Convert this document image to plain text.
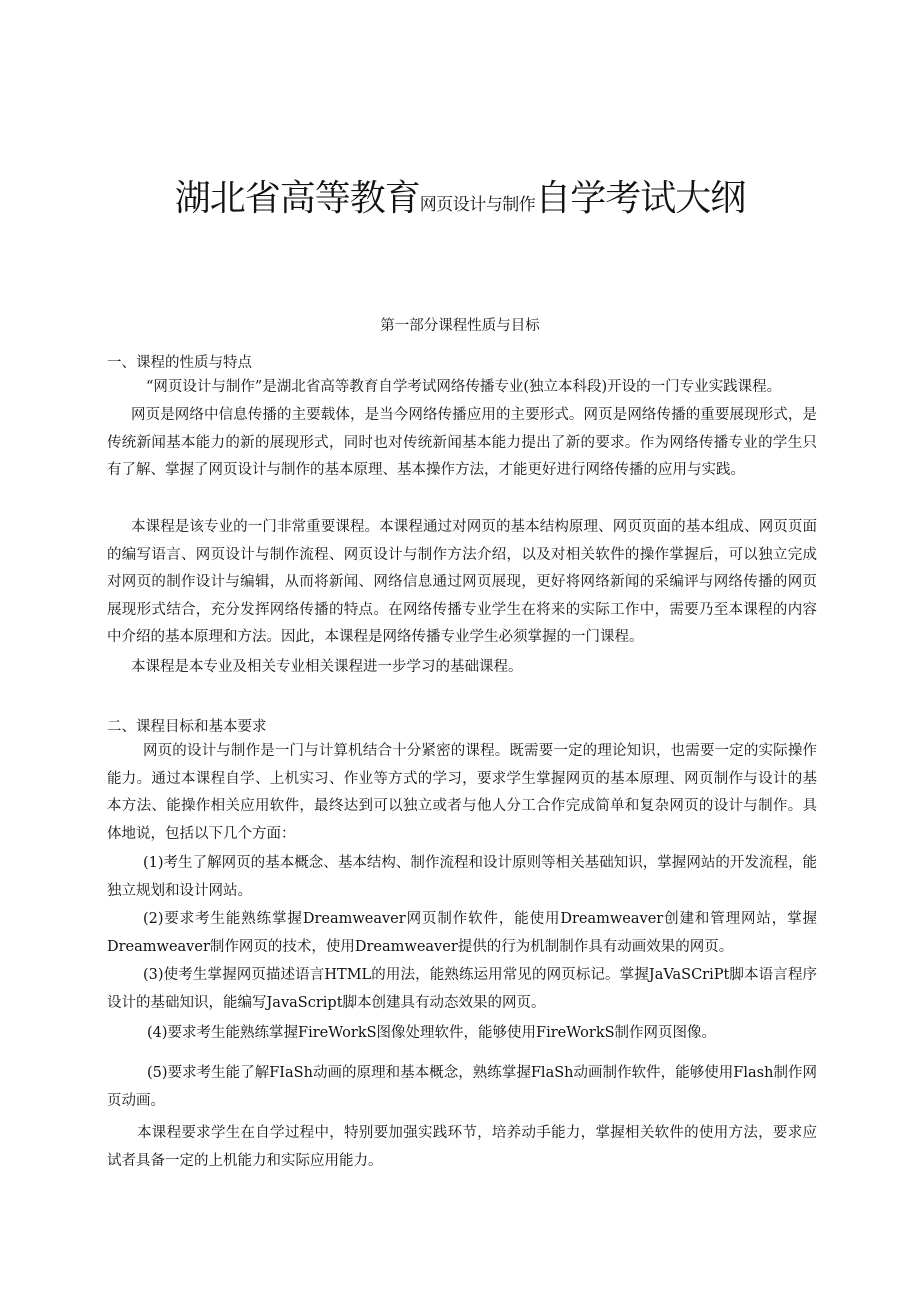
湖北省高等教育网页设计与制作自学考试大纲
第一部分课程性质与目标
一、课程的性质与特点

“网页设计与制作”是湖北省高等教育自学考试网络传播专业(独立本科段)开设的一门专业实践课程。

网页是网络中信息传播的主要载体，是当今网络传播应用的主要形式。网页是网络传播的重要展现形式，是传统新闻基本能力的新的展现形式，同时也对传统新闻基本能力提出了新的要求。作为网络传播专业的学生只有了解、掌握了网页设计与制作的基本原理、基本操作方法，才能更好进行网络传播的应用与实践。

本课程是该专业的一门非常重要课程。本课程通过对网页的基本结构原理、网页页面的基本组成、网页页面的编写语言、网页设计与制作流程、网页设计与制作方法介绍，以及对相关软件的操作掌握后，可以独立完成对网页的制作设计与编辑，从而将新闻、网络信息通过网页展现，更好将网络新闻的采编评与网络传播的网页展现形式结合，充分发挥网络传播的特点。在网络传播专业学生在将来的实际工作中，需要乃至本课程的内容中介绍的基本原理和方法。因此，本课程是网络传播专业学生必须掌握的一门课程。

本课程是本专业及相关专业相关课程进一步学习的基础课程。

二、课程目标和基本要求

网页的设计与制作是一门与计算机结合十分紧密的课程。既需要一定的理论知识，也需要一定的实际操作能力。通过本课程自学、上机实习、作业等方式的学习，要求学生掌握网页的基本原理、网页制作与设计的基本方法、能操作相关应用软件，最终达到可以独立或者与他人分工合作完成简单和复杂网页的设计与制作。具体地说，包括以下几个方面：

(1)考生了解网页的基本概念、基本结构、制作流程和设计原则等相关基础知识，掌握网站的开发流程，能独立规划和设计网站。

(2)要求考生能熟练掌握Dreamweaver网页制作软件，能使用Dreamweaver创建和管理网站，掌握Dreamweaver制作网页的技术，使用Dreamweaver提供的行为机制制作具有动画效果的网页。

(3)使考生掌握网页描述语言HTML的用法，能熟练运用常见的网页标记。掌握JaVaSCriPt脚本语言程序设计的基础知识，能编写JavaScript脚本创建具有动态效果的网页。

(4)要求考生能熟练掌握FireWorkS图像处理软件，能够使用FireWorkS制作网页图像。

(5)要求考生能了解FIaSh动画的原理和基本概念，熟练掌握FlaSh动画制作软件，能够使用Flash制作网页动画。

本课程要求学生在自学过程中，特别要加强实践环节，培养动手能力，掌握相关软件的使用方法，要求应试者具备一定的上机能力和实际应用能力。
